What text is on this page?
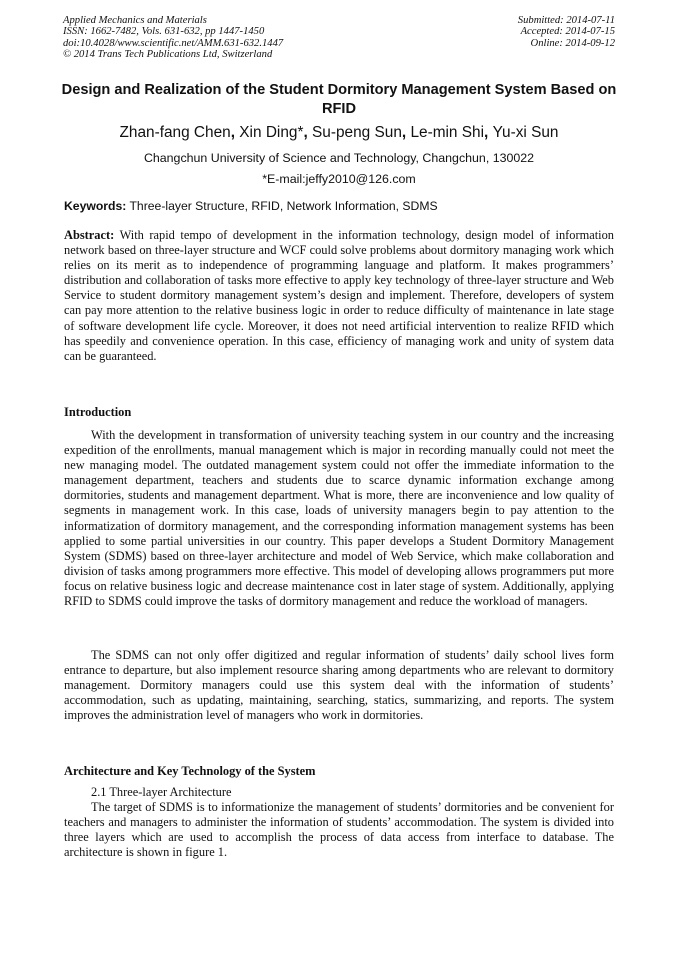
Applied Mechanics and Materials
ISSN: 1662-7482, Vols. 631-632, pp 1447-1450
doi:10.4028/www.scientific.net/AMM.631-632.1447
© 2014 Trans Tech Publications Ltd, Switzerland
Submitted: 2014-07-11
Accepted: 2014-07-15
Online: 2014-09-12
Design and Realization of the Student Dormitory Management System Based on RFID
Zhan-fang Chen, Xin Ding*, Su-peng Sun, Le-min Shi, Yu-xi Sun
Changchun University of Science and Technology, Changchun, 130022
*E-mail:jeffy2010@126.com
Keywords: Three-layer Structure, RFID, Network Information, SDMS

Abstract: With rapid tempo of development in the information technology, design model of information network based on three-layer structure and WCF could solve problems about dormitory managing work which relies on its merit as to independence of programming language and platform. It makes programmers’ distribution and collaboration of tasks more effective to apply key technology of three-layer structure and Web Service to student dormitory management system’s design and implement. Therefore, developers of system can pay more attention to the relative business logic in order to reduce difficulty of maintenance in late stage of software development life cycle. Moreover, it does not need artificial intervention to realize RFID which has speedily and convenience operation. In this case, efficiency of managing work and unity of system data can be guaranteed.

Introduction

With the development in transformation of university teaching system in our country and the increasing expedition of the enrollments, manual management which is major in recording manually could not meet the new managing model. The outdated management system could not offer the immediate information to the management department, teachers and students due to scarce dynamic information exchange among dormitories, students and management department. What is more, there are inconvenience and low quality of segments in management work. In this case, loads of university managers begin to pay attention to the informatization of dormitory management, and the corresponding information management systems has been applied to some partial universities in our country. This paper develops a Student Dormitory Management System (SDMS) based on three-layer architecture and model of Web Service, which make collaboration and division of tasks among programmers more effective. This model of developing allows programmers put more focus on relative business logic and decrease maintenance cost in later stage of system. Additionally, applying RFID to SDMS could improve the tasks of dormitory management and reduce the workload of managers.

The SDMS can not only offer digitized and regular information of students’ daily school lives form entrance to departure, but also implement resource sharing among departments who are relevant to dormitory management. Dormitory managers could use this system deal with the information of students’ accommodation, such as updating, maintaining, searching, statics, summarizing, and reports. The system improves the administration level of managers who work in dormitories.

Architecture and Key Technology of the System

2.1 Three-layer Architecture

The target of SDMS is to informationize the management of students’ dormitories and be convenient for teachers and managers to administer the information of students’ accommodation. The system is divided into three layers which are used to accomplish the process of data access from interface to database. The architecture is shown in figure 1.
